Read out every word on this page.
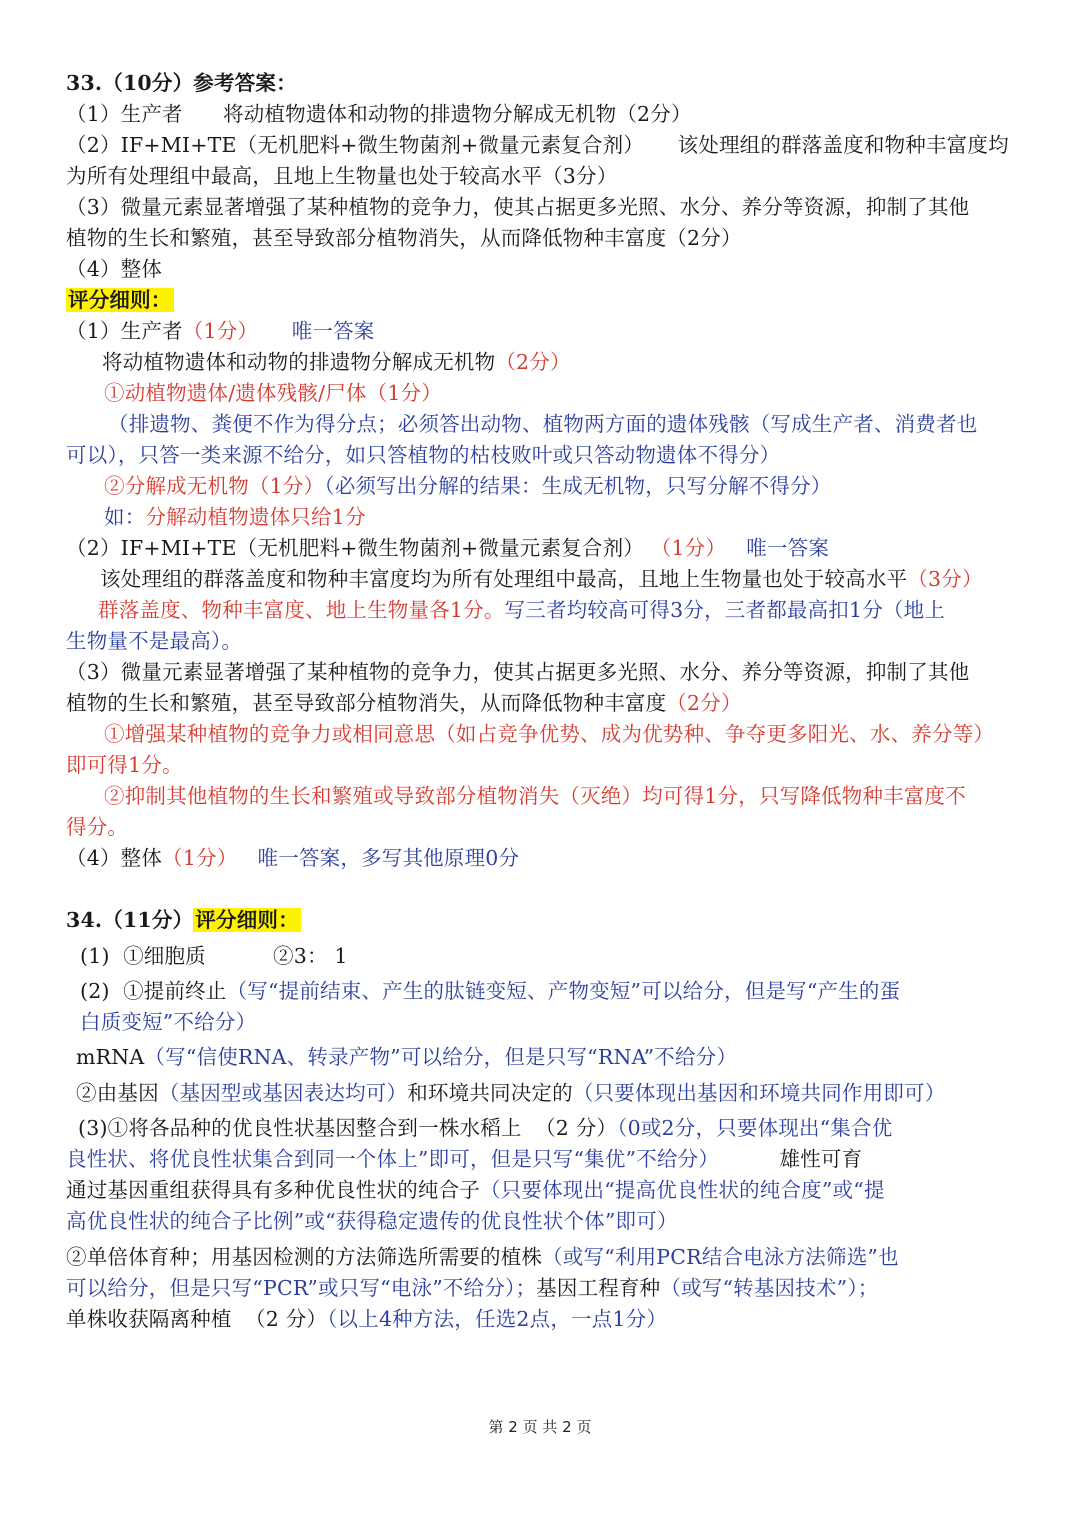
33.（10分）参考答案：
（1）生产者      将动植物遗体和动物的排遗物分解成无机物（2分）
（2）IF+MI+TE（无机肥料+微生物菌剂+微量元素复合剂）     该处理组的群落盖度和物种丰富度均
为所有处理组中最高，且地上生物量也处于较高水平（3分）
（3）微量元素显著增强了某种植物的竞争力，使其占据更多光照、水分、养分等资源，抑制了其他
植物的生长和繁殖，甚至导致部分植物消失，从而降低物种丰富度（2分）
（4）整体
评分细则：
（1）生产者（1分） 唯一答案
将动植物遗体和动物的排遗物分解成无机物（2分）
①动植物遗体/遗体残骸/尸体（1分）
（排遗物、粪便不作为得分点；必须答出动物、植物两方面的遗体残骸（写成生产者、消费者也
可以），只答一类来源不给分，如只答植物的枯枝败叶或只答动物遗体不得分）
②分解成无机物（1分）（必须写出分解的结果：生成无机物，只写分解不得分）
如：分解动植物遗体只给1分
（2）IF+MI+TE（无机肥料+微生物菌剂+微量元素复合剂） （1分） 唯一答案
该处理组的群落盖度和物种丰富度均为所有处理组中最高，且地上生物量也处于较高水平（3分）
群落盖度、物种丰富度、地上生物量各1分。写三者均较高可得3分，三者都最高扣1分（地上
生物量不是最高）。
（3）微量元素显著增强了某种植物的竞争力，使其占据更多光照、水分、养分等资源，抑制了其他
植物的生长和繁殖，甚至导致部分植物消失，从而降低物种丰富度（2分）
①增强某种植物的竞争力或相同意思（如占竞争优势、成为优势种、争夺更多阳光、水、养分等）
即可得1分。
②抑制其他植物的生长和繁殖或导致部分植物消失（灭绝）均可得1分，只写降低物种丰富度不
得分。
（4）整体（1分） 唯一答案，多写其他原理0分
34.（11分）评分细则：
(1)  ①细胞质          ②3： 1
(2)  ①提前终止（写“提前结束、产生的肽链变短、产物变短”可以给分，但是写“产生的蛋
白质变短”不给分）
mRNA（写“信使RNA、转录产物”可以给分，但是只写“RNA”不给分）
②由基因（基因型或基因表达均可）和环境共同决定的（只要体现出基因和环境共同作用即可）
(3)①将各品种的优良性状基因整合到一株水稻上  （2 分）（0或2分，只要体现出“集合优
良性状、将优良性状集合到同一个体上”即可，但是只写“集优”不给分）	雄性可育
通过基因重组获得具有多种优良性状的纯合子（只要体现出“提高优良性状的纯合度”或“提
高优良性状的纯合子比例”或“获得稳定遗传的优良性状个体”即可）
②单倍体育种；用基因检测的方法筛选所需要的植株（或写“利用PCR结合电泳方法筛选”也
可以给分，但是只写“PCR”或只写“电泳”不给分）；基因工程育种（或写“转基因技术”）；
单株收获隔离种植  （2 分）（以上4种方法，任选2点，一点1分）
第 2 页 共 2 页
